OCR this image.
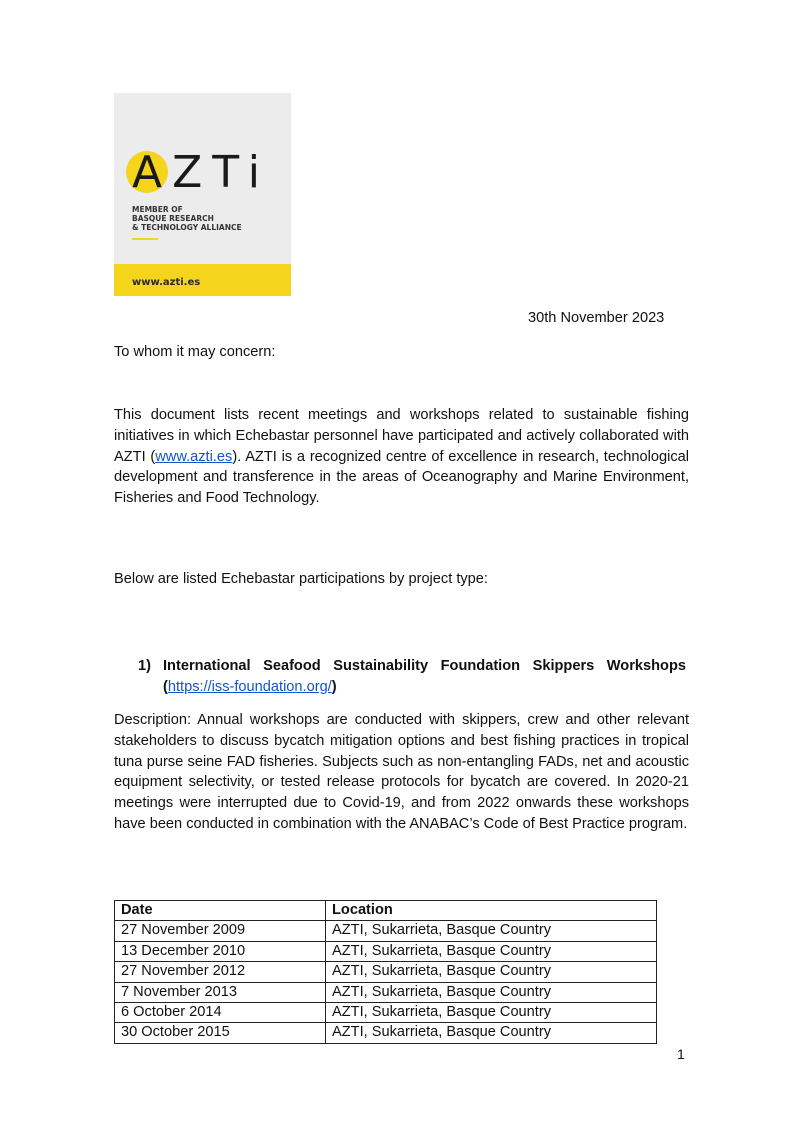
AZTi
MEMBER OF
BASQUE RESEARCH
& TECHNOLOGY ALLIANCE
www.azti.es
30th November 2023
To whom it may concern:
This document lists recent meetings and workshops related to sustainable fishing initiatives in which Echebastar personnel have participated and actively collaborated with AZTI (www.azti.es). AZTI is a recognized centre of excellence in research, technological development and transference in the areas of Oceanography and Marine Environment, Fisheries and Food Technology.
Below are listed Echebastar participations by project type:
1) International Seafood Sustainability Foundation Skippers Workshops
(https://iss-foundation.org/)
Description: Annual workshops are conducted with skippers, crew and other relevant stakeholders to discuss bycatch mitigation options and best fishing practices in tropical tuna purse seine FAD fisheries. Subjects such as non-entangling FADs, net and acoustic equipment selectivity, or tested release protocols for bycatch are covered. In 2020-21 meetings were interrupted due to Covid-19, and from 2022 onwards these workshops have been conducted in combination with the ANABAC’s Code of Best Practice program.
Date	Location
27 November 2009	AZTI, Sukarrieta, Basque Country
13 December 2010	AZTI, Sukarrieta, Basque Country
27 November 2012	AZTI, Sukarrieta, Basque Country
7 November 2013	AZTI, Sukarrieta, Basque Country
6 October 2014	AZTI, Sukarrieta, Basque Country
30 October 2015	AZTI, Sukarrieta, Basque Country
1
